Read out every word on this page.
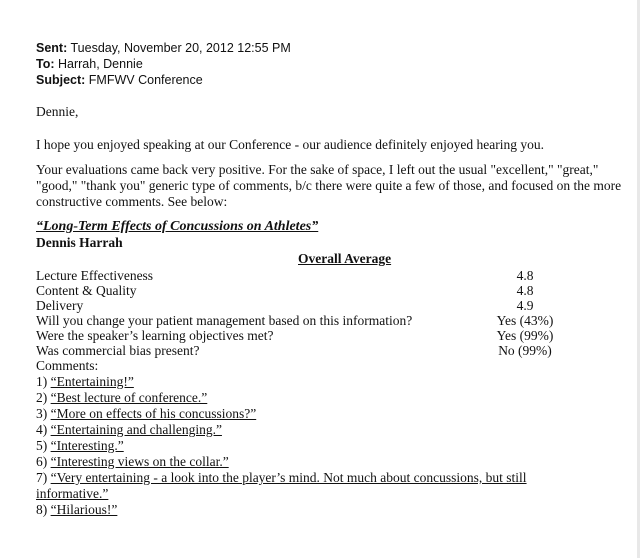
Sent: Tuesday, November 20, 2012 12:55 PM
To: Harrah, Dennie
Subject: FMFWV Conference
Dennie,
I hope you enjoyed speaking at our Conference - our audience definitely enjoyed hearing you.
Your evaluations came back very positive. For the sake of space, I left out the usual "excellent," "great," "good," "thank you" generic type of comments, b/c there were quite a few of those, and focused on the more constructive comments. See below:
“Long-Term Effects of Concussions on Athletes”
Dennis Harrah
Overall Average
Lecture Effectiveness	4.8
Content & Quality	4.8
Delivery	4.9
Will you change your patient management based on this information?	Yes (43%)
Were the speaker’s learning objectives met?	Yes (99%)
Was commercial bias present?	No (99%)
Comments:
1) “Entertaining!”
2) “Best lecture of conference.”
3) “More on effects of his concussions?”
4) “Entertaining and challenging.”
5) “Interesting.”
6) “Interesting views on the collar.”
7) “Very entertaining - a look into the player’s mind. Not much about concussions, but still
informative.”
8) “Hilarious!”
